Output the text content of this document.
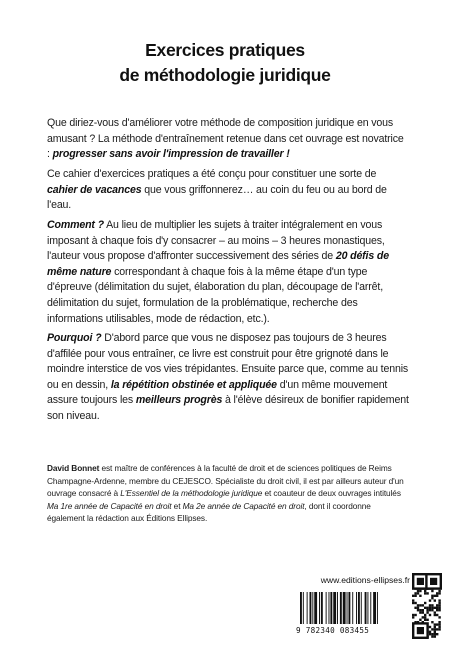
Exercices pratiques
de méthodologie juridique
Que diriez-vous d'améliorer votre méthode de composition juridique en vous amusant ? La méthode d'entraînement retenue dans cet ouvrage est novatrice : progresser sans avoir l'impression de travailler !
Ce cahier d'exercices pratiques a été conçu pour constituer une sorte de cahier de vacances que vous griffonnerez… au coin du feu ou au bord de l'eau.
Comment ? Au lieu de multiplier les sujets à traiter intégralement en vous imposant à chaque fois d'y consacrer – au moins – 3 heures monastiques, l'auteur vous propose d'affronter successivement des séries de 20 défis de même nature correspondant à chaque fois à la même étape d'un type d'épreuve (délimitation du sujet, élaboration du plan, découpage de l'arrêt, délimitation du sujet, formulation de la problématique, recherche des informations utilisables, mode de rédaction, etc.).
Pourquoi ? D'abord parce que vous ne disposez pas toujours de 3 heures d'affilée pour vous entraîner, ce livre est construit pour être grignoté dans le moindre interstice de vos vies trépidantes. Ensuite parce que, comme au tennis ou en dessin, la répétition obstinée et appliquée d'un même mouvement assure toujours les meilleurs progrès à l'élève désireux de bonifier rapidement son niveau.
David Bonnet est maître de conférences à la faculté de droit et de sciences politiques de Reims Champagne-Ardenne, membre du CEJESCO. Spécialiste du droit civil, il est par ailleurs auteur d'un ouvrage consacré à L'Essentiel de la méthodologie juridique et coauteur de deux ouvrages intitulés Ma 1re année de Capacité en droit et Ma 2e année de Capacité en droit, dont il coordonne également la rédaction aux Éditions Ellipses.
www.editions-ellipses.fr
9 782340 083455
